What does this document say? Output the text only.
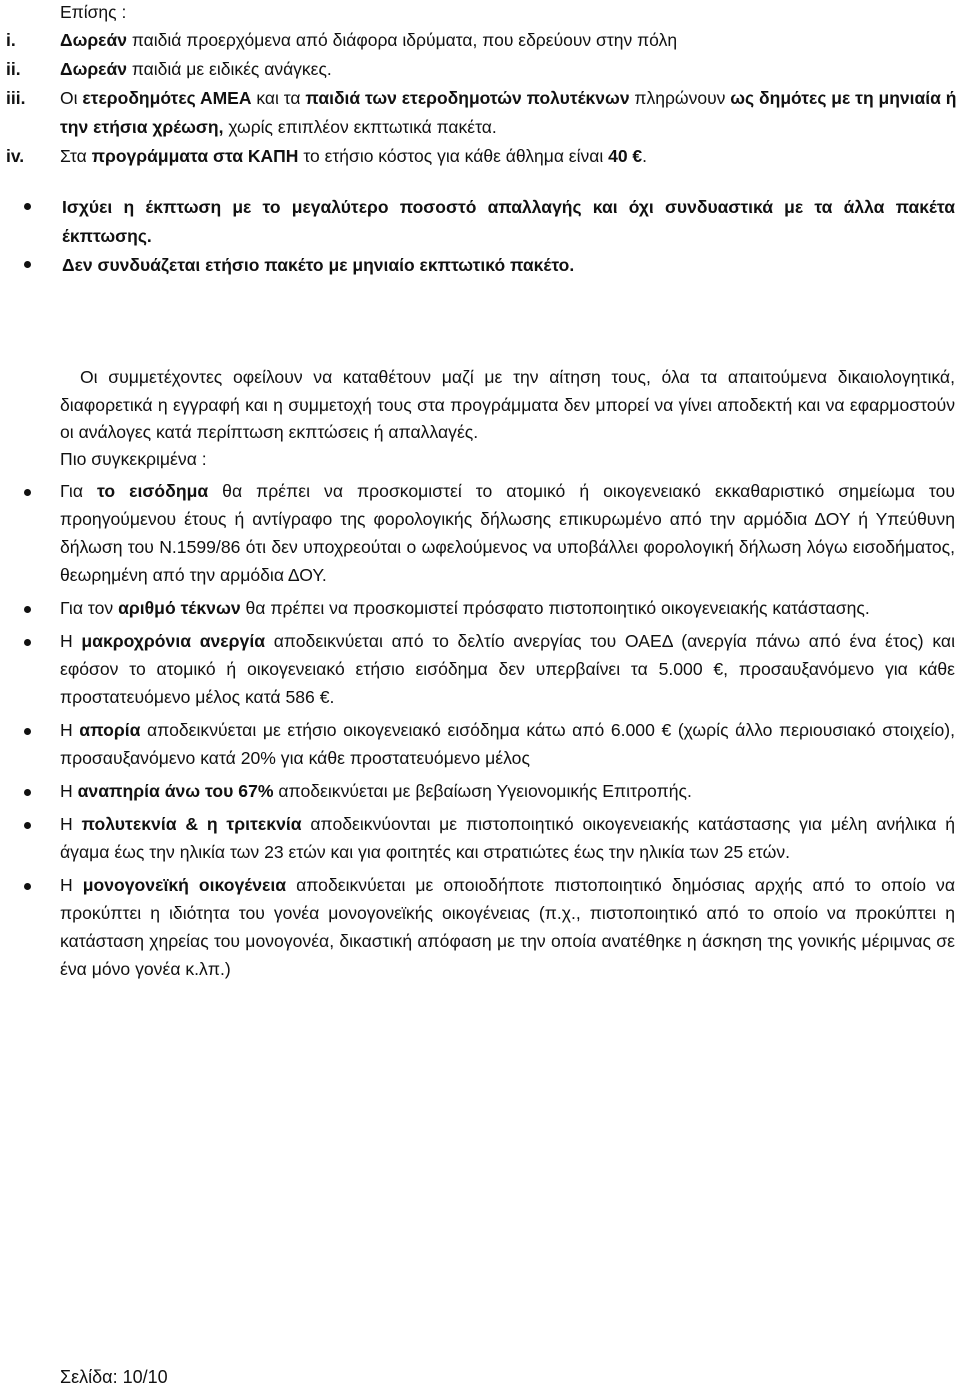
Επίσης :
i.	Δωρεάν παιδιά προερχόμενα από διάφορα ιδρύματα, που εδρεύουν στην πόλη
ii.	Δωρεάν παιδιά με ειδικές ανάγκες.
iii.	Οι ετεροδημότες ΑΜΕΑ και τα παιδιά των ετεροδημοτών πολυτέκνων πληρώνουν ως δημότες με τη μηνιαία ή την ετήσια χρέωση, χωρίς επιπλέον εκπτωτικά πακέτα.
iv.	Στα προγράμματα στα ΚΑΠΗ το ετήσιο κόστος για κάθε άθλημα είναι 40 €.
Ισχύει η έκπτωση με το μεγαλύτερο ποσοστό απαλλαγής και όχι συνδυαστικά με τα άλλα πακέτα έκπτωσης.
Δεν συνδυάζεται ετήσιο πακέτο με μηνιαίο εκπτωτικό πακέτο.
Οι συμμετέχοντες οφείλουν να καταθέτουν μαζί με την αίτηση τους, όλα τα απαιτούμενα δικαιολογητικά, διαφορετικά η εγγραφή και η συμμετοχή τους στα προγράμματα δεν μπορεί να γίνει αποδεκτή και να εφαρμοστούν οι ανάλογες κατά περίπτωση εκπτώσεις ή απαλλαγές.
Πιο συγκεκριμένα :
Για το εισόδημα θα πρέπει να προσκομιστεί το ατομικό ή οικογενειακό εκκαθαριστικό σημείωμα του προηγούμενου έτους ή αντίγραφο της φορολογικής δήλωσης επικυρωμένο από την αρμόδια ΔΟΥ ή Υπεύθυνη δήλωση του Ν.1599/86 ότι δεν υποχρεούται ο ωφελούμενος να υποβάλλει φορολογική δήλωση λόγω εισοδήματος, θεωρημένη από την αρμόδια ΔΟΥ.
Για τον αριθμό τέκνων θα πρέπει να προσκομιστεί πρόσφατο πιστοποιητικό οικογενειακής κατάστασης.
Η μακροχρόνια ανεργία αποδεικνύεται από το δελτίο ανεργίας του ΟΑΕΔ (ανεργία πάνω από ένα έτος) και εφόσον το ατομικό ή οικογενειακό ετήσιο εισόδημα δεν υπερβαίνει τα 5.000 €, προσαυξανόμενο για κάθε προστατευόμενο μέλος κατά 586 €.
Η απορία αποδεικνύεται με ετήσιο οικογενειακό εισόδημα κάτω από 6.000 € (χωρίς άλλο περιουσιακό στοιχείο), προσαυξανόμενο κατά 20% για κάθε προστατευόμενο μέλος
Η αναπηρία άνω του 67% αποδεικνύεται με βεβαίωση Υγειονομικής Επιτροπής.
Η πολυτεκνία & η τριτεκνία αποδεικνύονται με πιστοποιητικό οικογενειακής κατάστασης για μέλη ανήλικα ή άγαμα έως την ηλικία των 23 ετών και για φοιτητές και στρατιώτες έως την ηλικία των 25 ετών.
Η μονογονεϊκή οικογένεια αποδεικνύεται με οποιοδήποτε πιστοποιητικό δημόσιας αρχής από το οποίο να προκύπτει η ιδιότητα του γονέα μονογονεϊκής οικογένειας (π.χ., πιστοποιητικό από το οποίο να προκύπτει η κατάσταση χηρείας του μονογονέα, δικαστική απόφαση με την οποία ανατέθηκε η άσκηση της γονικής μέριμνας σε ένα μόνο γονέα κ.λπ.)
Σελίδα: 10/10
